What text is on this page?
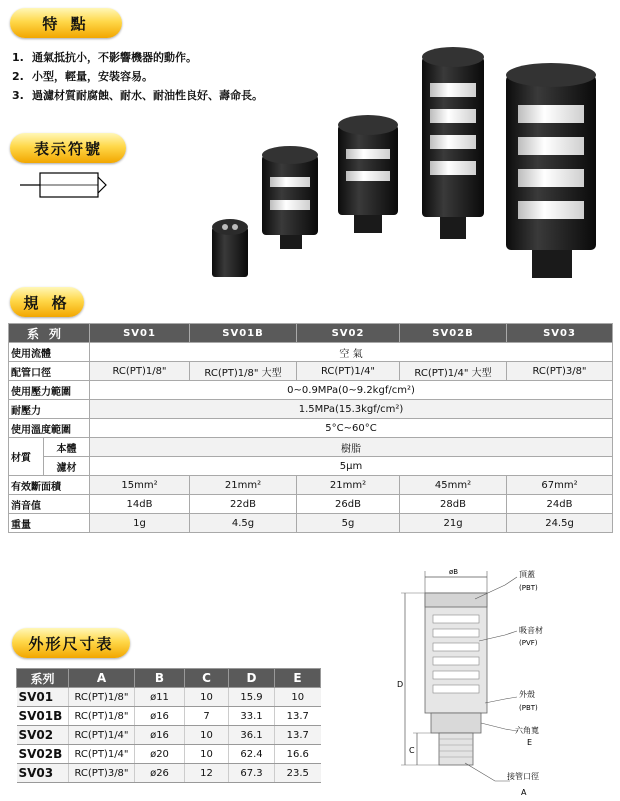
特 點
1. 通氣抵抗小，不影響機器的動作。
2. 小型，輕量，安裝容易。
3. 過濾材質耐腐蝕、耐水、耐油性良好、壽命長。
表示符號
規 格
系列		SV01	SV01B	SV02	SV02B	SV03
使用流體		空 氣				
配管口徑		RC(PT)1/8"	RC(PT)1/8" 大型	RC(PT)1/4"	RC(PT)1/4" 大型	RC(PT)3/8"
使用壓力範圍		0~0.9MPa(0~9.2kgf/cm²)				
耐壓力		1.5MPa(15.3kgf/cm²)				
使用溫度範圍		5°C~60°C				
材質	本體	樹脂				
	濾材	5μm				
有效斷面積		15mm²	21mm²	21mm²	45mm²	67mm²
消音值		14dB	22dB	26dB	28dB	24dB
重量		1g	4.5g	5g	21g	24.5g
外形尺寸表
系列	A	B	C	D	E
SV01	RC(PT)1/8"	ø11	10	15.9	10
SV01B	RC(PT)1/8"	ø16	7	33.1	13.7
SV02	RC(PT)1/4"	ø16	10	36.1	13.7
SV02B	RC(PT)1/4"	ø20	10	62.4	16.6
SV03	RC(PT)3/8"	ø26	12	67.3	23.5
øB
D
C
頂蓋
(PBT)
吸音材
(PVF)
外殼
(PBT)
六角寬
E
接管口徑
A
